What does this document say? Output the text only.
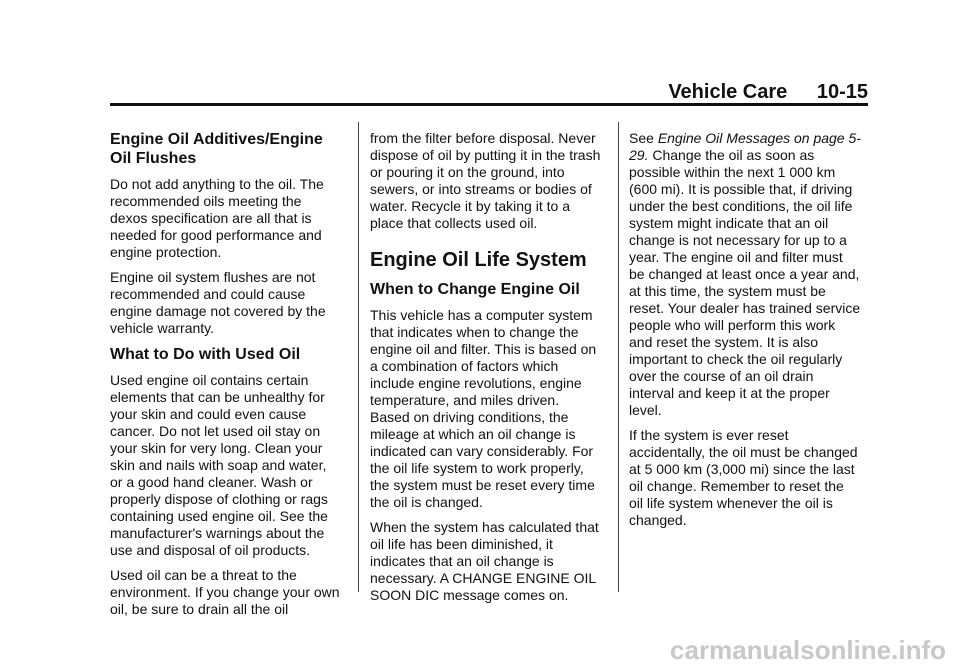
Vehicle Care 10-15
Engine Oil Additives/Engine Oil Flushes

Do not add anything to the oil. The recommended oils meeting the dexos specification are all that is needed for good performance and engine protection.

Engine oil system flushes are not recommended and could cause engine damage not covered by the vehicle warranty.

What to Do with Used Oil

Used engine oil contains certain elements that can be unhealthy for your skin and could even cause cancer. Do not let used oil stay on your skin for very long. Clean your skin and nails with soap and water, or a good hand cleaner. Wash or properly dispose of clothing or rags containing used engine oil. See the manufacturer's warnings about the use and disposal of oil products.

Used oil can be a threat to the environment. If you change your own oil, be sure to drain all the oil

from the filter before disposal. Never dispose of oil by putting it in the trash or pouring it on the ground, into sewers, or into streams or bodies of water. Recycle it by taking it to a place that collects used oil.

Engine Oil Life System
When to Change Engine Oil

This vehicle has a computer system that indicates when to change the engine oil and filter. This is based on a combination of factors which include engine revolutions, engine temperature, and miles driven. Based on driving conditions, the mileage at which an oil change is indicated can vary considerably. For the oil life system to work properly, the system must be reset every time the oil is changed.

When the system has calculated that oil life has been diminished, it indicates that an oil change is necessary. A CHANGE ENGINE OIL SOON DIC message comes on.

See Engine Oil Messages on page 5-29. Change the oil as soon as possible within the next 1 000 km (600 mi). It is possible that, if driving under the best conditions, the oil life system might indicate that an oil change is not necessary for up to a year. The engine oil and filter must be changed at least once a year and, at this time, the system must be reset. Your dealer has trained service people who will perform this work and reset the system. It is also important to check the oil regularly over the course of an oil drain interval and keep it at the proper level.

If the system is ever reset accidentally, the oil must be changed at 5 000 km (3,000 mi) since the last oil change. Remember to reset the oil life system whenever the oil is changed.

carmanualsonline.info
